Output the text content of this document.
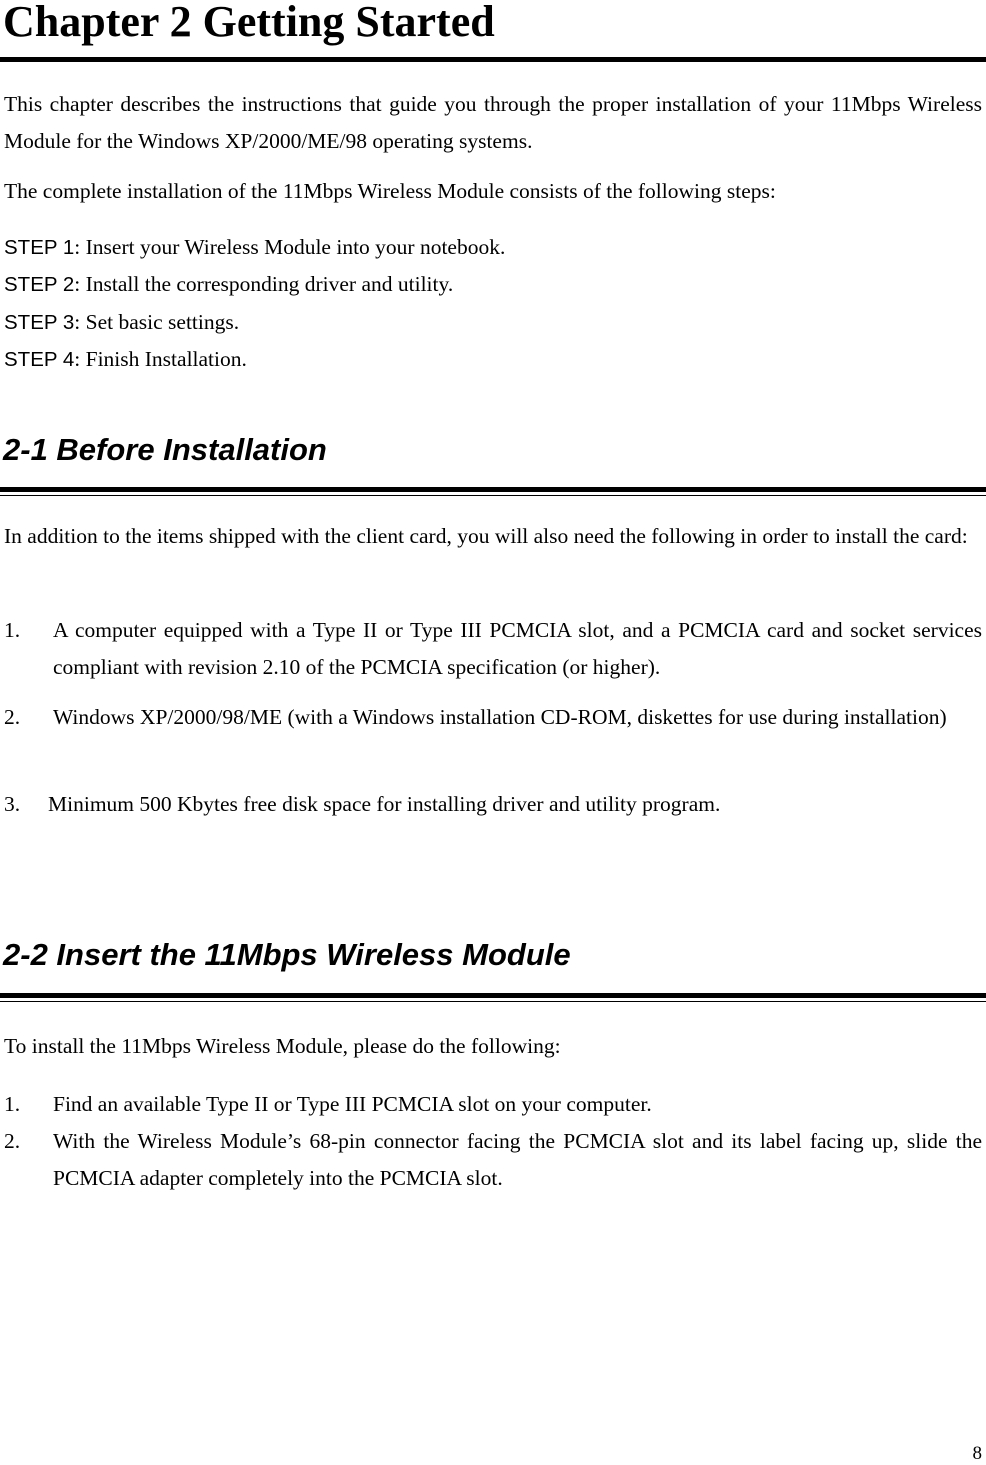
Chapter 2 Getting Started
This chapter describes the instructions that guide you through the proper installation of your 11Mbps Wireless Module for the Windows XP/2000/ME/98 operating systems.
The complete installation of the 11Mbps Wireless Module consists of the following steps:
STEP 1: Insert your Wireless Module into your notebook.
STEP 2: Install the corresponding driver and utility.
STEP 3: Set basic settings.
STEP 4: Finish Installation.
2-1 Before Installation
In addition to the items shipped with the client card, you will also need the following in order to install the card:
1. A computer equipped with a Type II or Type III PCMCIA slot, and a PCMCIA card and socket services compliant with revision 2.10 of the PCMCIA specification (or higher).
2. Windows XP/2000/98/ME (with a Windows installation CD-ROM, diskettes for use during installation)
3. Minimum 500 Kbytes free disk space for installing driver and utility program.
2-2 Insert the 11Mbps Wireless Module
To install the 11Mbps Wireless Module, please do the following:
1. Find an available Type II or Type III PCMCIA slot on your computer.
2. With the Wireless Module’s 68-pin connector facing the PCMCIA slot and its label facing up, slide the PCMCIA adapter completely into the PCMCIA slot.
8
